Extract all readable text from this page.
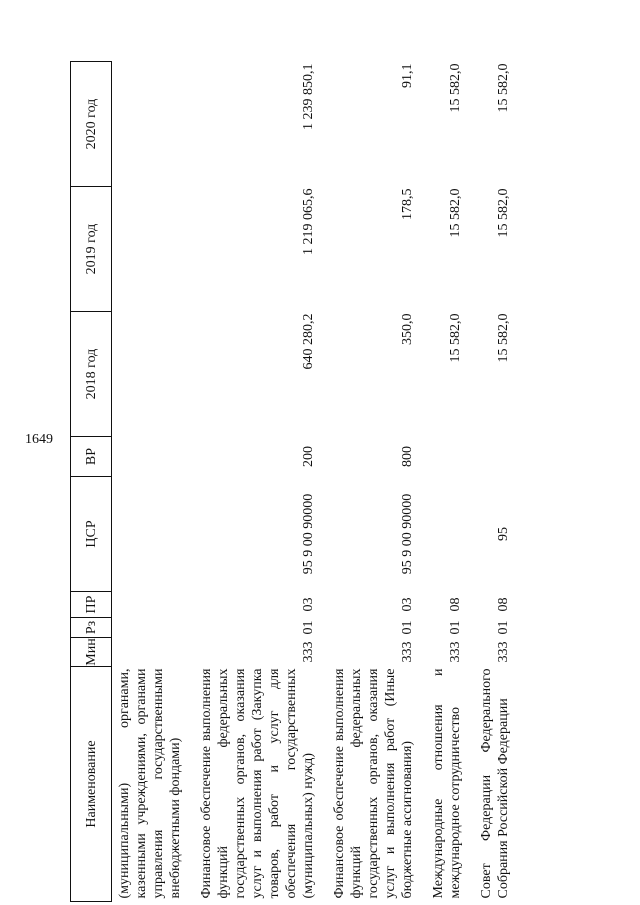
1649
Наименование	Мин	Рз	ПР	ЦСР	ВР	2018 год	2019 год	2020 год
(муниципальными) органами, казенными учреждениями, органами управления государственными внебюджетными фондами)								
Финансовое обеспечение выполнения функций федеральных государственных органов, оказания услуг и выполнения работ (Закупка товаров, работ и услуг для обеспечения государственных (муниципальных) нужд)	333	01	03	95 9 00 90000	200	640 280,2	1 219 065,6	1 239 850,1
Финансовое обеспечение выполнения функций федеральных государственных органов, оказания услуг и выполнения работ (Иные бюджетные ассигнования)	333	01	03	95 9 00 90000	800	350,0	178,5	91,1
Международные отношения и международное сотрудничество	333	01	08			15 582,0	15 582,0	15 582,0
Совет Федерации Федерального Собрания Российской Федерации	333	01	08	95		15 582,0	15 582,0	15 582,0
